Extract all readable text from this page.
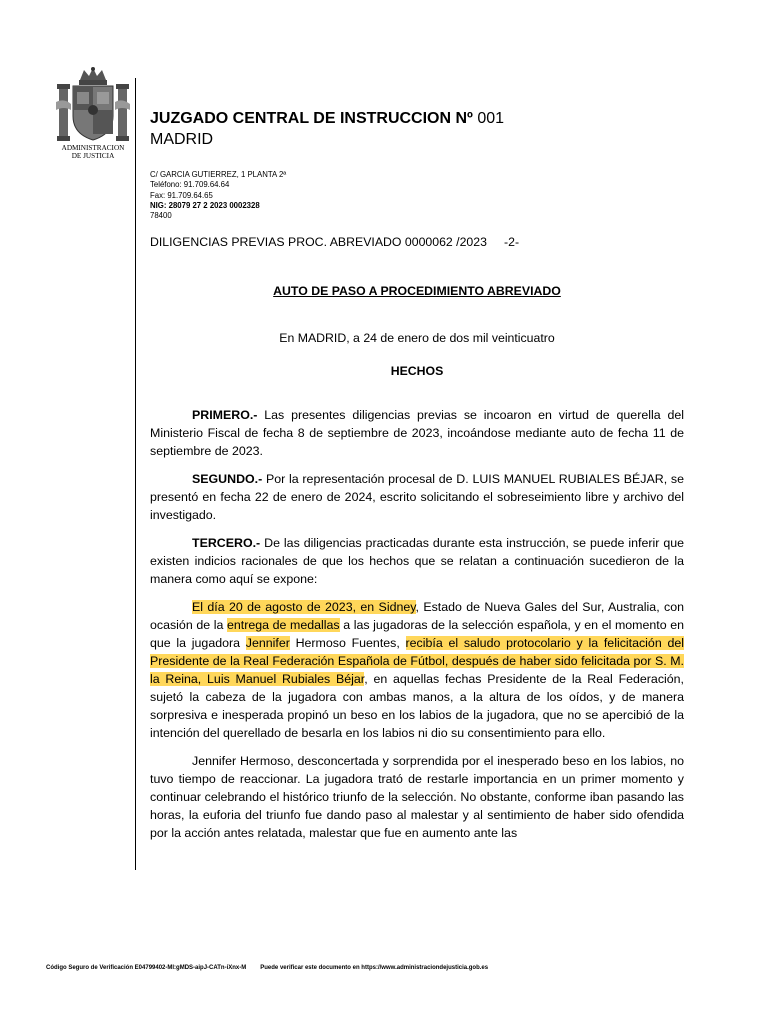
ADMINISTRACION
DE JUSTICIA
JUZGADO CENTRAL DE INSTRUCCION Nº 001
MADRID
C/ GARCIA GUTIERREZ, 1 PLANTA 2ª
Teléfono: 91.709.64.64
Fax: 91.709.64.65
NIG: 28079 27 2 2023 0002328
78400
DILIGENCIAS PREVIAS PROC. ABREVIADO 0000062 /2023     -2-
AUTO DE PASO A PROCEDIMIENTO ABREVIADO
En MADRID, a 24 de enero de dos mil veinticuatro
HECHOS

PRIMERO.- Las presentes diligencias previas se incoaron en virtud de querella del Ministerio Fiscal de fecha 8 de septiembre de 2023, incoándose mediante auto de fecha 11 de septiembre de 2023.

SEGUNDO.- Por la representación procesal de D. LUIS MANUEL RUBIALES BÉJAR, se presentó en fecha 22 de enero de 2024, escrito solicitando el sobreseimiento libre y archivo del investigado.

TERCERO.- De las diligencias practicadas durante esta instrucción, se puede inferir que existen indicios racionales de que los hechos que se relatan a continuación sucedieron de la manera como aquí se expone:

El día 20 de agosto de 2023, en Sidney, Estado de Nueva Gales del Sur, Australia, con ocasión de la entrega de medallas a las jugadoras de la selección española, y en el momento en que la jugadora Jennifer Hermoso Fuentes, recibía el saludo protocolario y la felicitación del Presidente de la Real Federación Española de Fútbol, después de haber sido felicitada por S. M. la Reina, Luis Manuel Rubiales Béjar, en aquellas fechas Presidente de la Real Federación, sujetó la cabeza de la jugadora con ambas manos, a la altura de los oídos, y de manera sorpresiva e inesperada propinó un beso en los labios de la jugadora, que no se apercibió de la intención del querellado de besarla en los labios ni dio su consentimiento para ello.

Jennifer Hermoso, desconcertada y sorprendida por el inesperado beso en los labios, no tuvo tiempo de reaccionar. La jugadora trató de restarle importancia en un primer momento y continuar celebrando el histórico triunfo de la selección. No obstante, conforme iban pasando las horas, la euforia del triunfo fue dando paso al malestar y al sentimiento de haber sido ofendida por la acción antes relatada, malestar que fue en aumento ante las

Código Seguro de Verificación E04799402-MI:gMDS-aipJ-CATn-iXnx-M Puede verificar este documento en https://www.administraciondejusticia.gob.es
